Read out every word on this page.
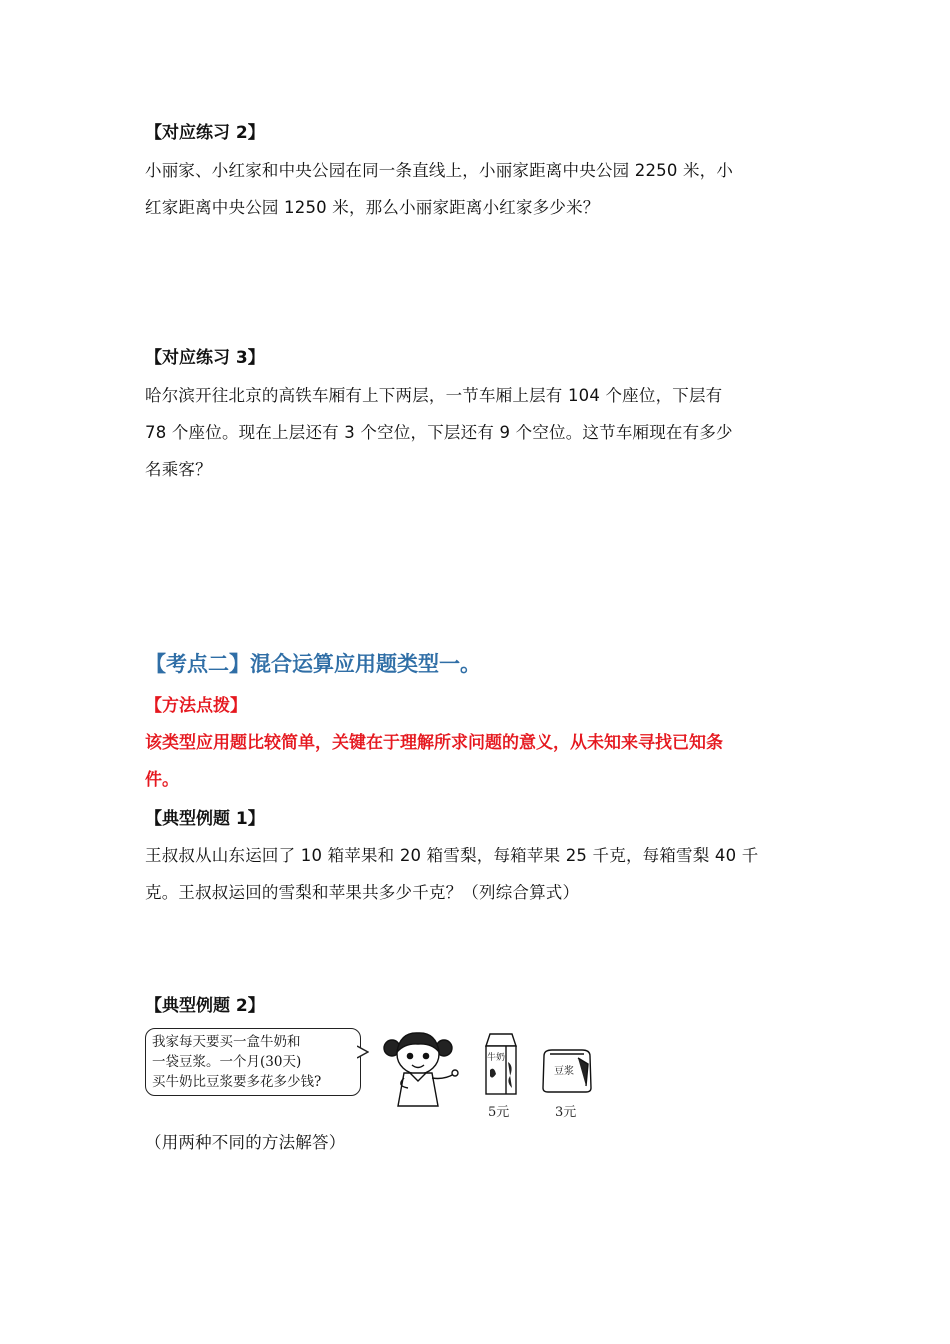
【对应练习 2】
小丽家、小红家和中央公园在同一条直线上，小丽家距离中央公园 2250 米，小
红家距离中央公园 1250 米，那么小丽家距离小红家多少米？
【对应练习 3】
哈尔滨开往北京的高铁车厢有上下两层，一节车厢上层有 104 个座位，下层有
78 个座位。现在上层还有 3 个空位，下层还有 9 个空位。这节车厢现在有多少
名乘客？
【考点二】混合运算应用题类型一。
【方法点拨】
该类型应用题比较简单，关键在于理解所求问题的意义，从未知来寻找已知条
件。
【典型例题 1】
王叔叔从山东运回了 10 箱苹果和 20 箱雪梨，每箱苹果 25 千克，每箱雪梨 40 千
克。王叔叔运回的雪梨和苹果共多少千克？（列综合算式）
【典型例题 2】
我家每天要买一盒牛奶和
一袋豆浆。一个月(30天)
买牛奶比豆浆要多花多少钱?
牛奶
豆浆
5元	3元
（用两种不同的方法解答）
